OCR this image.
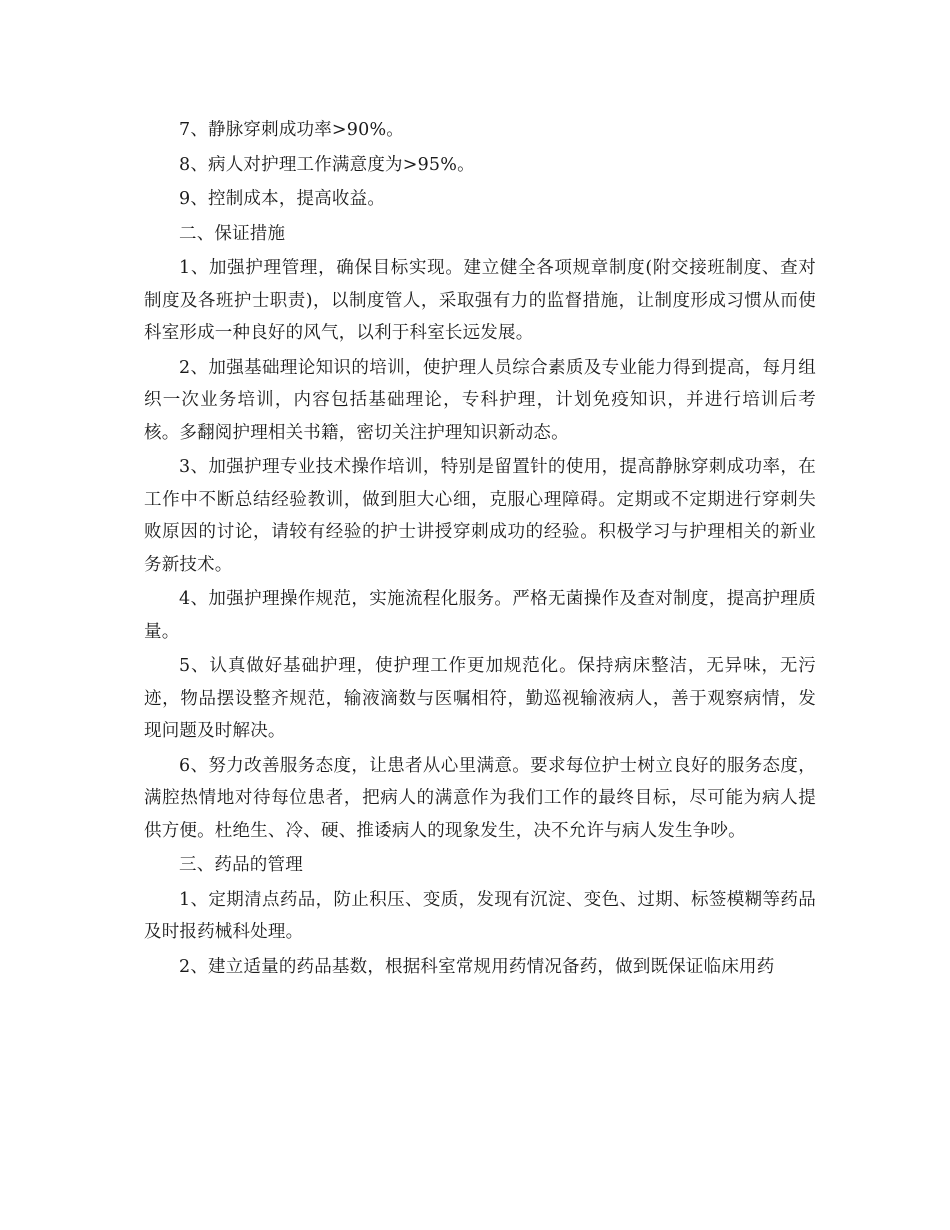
7、静脉穿刺成功率>90%。

8、病人对护理工作满意度为>95%。

9、控制成本，提高收益。

二、保证措施

1、加强护理管理，确保目标实现。建立健全各项规章制度(附交接班制度、查对制度及各班护士职责)，以制度管人，采取强有力的监督措施，让制度形成习惯从而使科室形成一种良好的风气，以利于科室长远发展。

2、加强基础理论知识的培训，使护理人员综合素质及专业能力得到提高，每月组织一次业务培训，内容包括基础理论，专科护理，计划免疫知识，并进行培训后考核。多翻阅护理相关书籍，密切关注护理知识新动态。

3、加强护理专业技术操作培训，特别是留置针的使用，提高静脉穿刺成功率，在工作中不断总结经验教训，做到胆大心细，克服心理障碍。定期或不定期进行穿刺失败原因的讨论，请较有经验的护士讲授穿刺成功的经验。积极学习与护理相关的新业务新技术。

4、加强护理操作规范，实施流程化服务。严格无菌操作及查对制度，提高护理质量。

5、认真做好基础护理，使护理工作更加规范化。保持病床整洁，无异味，无污迹，物品摆设整齐规范，输液滴数与医嘱相符，勤巡视输液病人，善于观察病情，发现问题及时解决。

6、努力改善服务态度，让患者从心里满意。要求每位护士树立良好的服务态度，满腔热情地对待每位患者，把病人的满意作为我们工作的最终目标，尽可能为病人提供方便。杜绝生、冷、硬、推诿病人的现象发生，决不允许与病人发生争吵。

三、药品的管理

1、定期清点药品，防止积压、变质，发现有沉淀、变色、过期、标签模糊等药品及时报药械科处理。

2、建立适量的药品基数，根据科室常规用药情况备药，做到既保证临床用药
